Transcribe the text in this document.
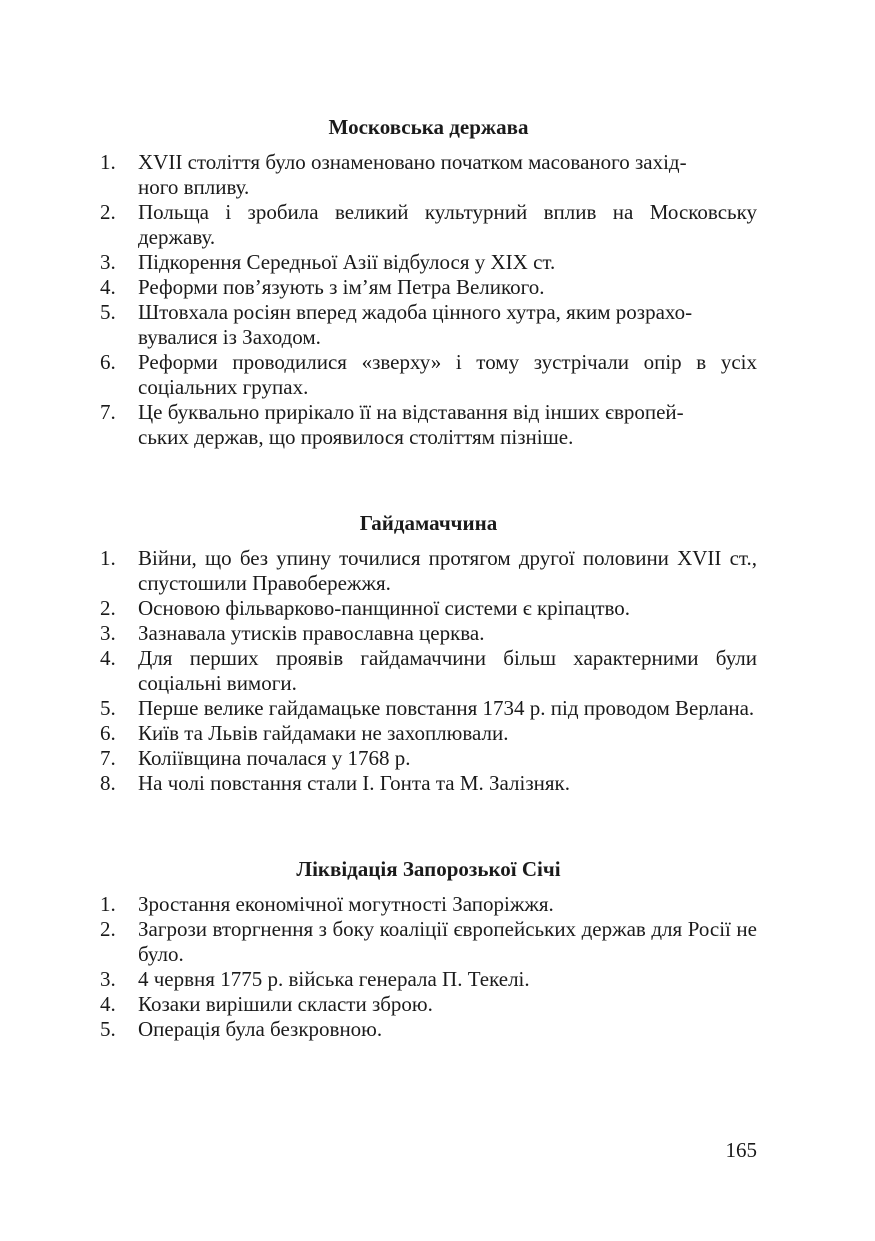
Московська держава
1.	XVII століття було ознаменовано початком масованого захід-
ного впливу.
2.	Польща і зробила великий культурний вплив на Московську державу.
3.	Підкорення Середньої Азії відбулося у XIX ст.
4.	Реформи пов’язують з ім’ям Петра Великого.
5.	Штовхала росіян вперед жадоба цінного хутра, яким розрахо-
вувалися із Заходом.
6.	Реформи проводилися «зверху» і тому зустрічали опір в усіх соціальних групах.
7.	Це буквально прирікало її на відставання від інших європей-
ських держав, що проявилося століттям пізніше.
Гайдамаччина
1.	Війни, що без упину точилися протягом другої половини XVII ст., спустошили Правобережжя.
2.	Основою фільварково-панщинної системи є кріпацтво.
3.	Зазнавала утисків православна церква.
4.	Для перших проявів гайдамаччини більш характерними були соціальні вимоги.
5.	Перше велике гайдамацьке повстання 1734 р. під проводом Верлана.
6.	Київ та Львів гайдамаки не захоплювали.
7.	Коліївщина почалася у 1768 р.
8.	На чолі повстання стали І. Гонта та М. Залізняк.
Ліквідація Запорозької Січі
1.	Зростання економічної могутності Запоріжжя.
2.	Загрози вторгнення з боку коаліції європейських держав для Росії не було.
3.	4 червня 1775 р. війська генерала П. Текелі.
4.	Козаки вирішили скласти зброю.
5.	Операція була безкровною.
165
